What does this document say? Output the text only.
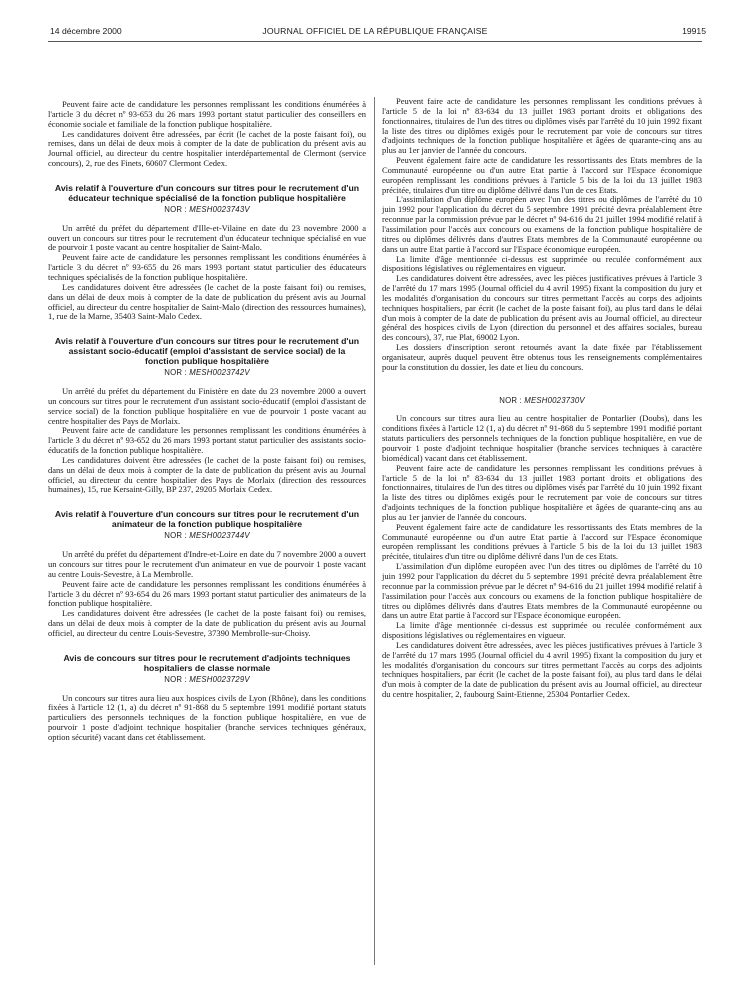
14 décembre 2000	JOURNAL OFFICIEL DE LA RÉPUBLIQUE FRANÇAISE	19915

Peuvent faire acte de candidature les personnes remplissant les conditions énumérées à l'article 3 du décret nº 93-653 du 26 mars 1993 portant statut particulier des conseillers en économie sociale et familiale de la fonction publique hospitalière.

Les candidatures doivent être adressées, par écrit (le cachet de la poste faisant foi), ou remises, dans un délai de deux mois à compter de la date de publication du présent avis au Journal officiel, au directeur du centre hospitalier interdépartemental de Clermont (service concours), 2, rue des Finets, 60607 Clermont Cedex.

Avis relatif à l'ouverture d'un concours sur titres pour le recrutement d'un éducateur technique spécialisé de la fonction publique hospitalière
NOR : MESH0023743V

Un arrêté du préfet du département d'Ille-et-Vilaine en date du 23 novembre 2000 a ouvert un concours sur titres pour le recrutement d'un éducateur technique spécialisé en vue de pourvoir 1 poste vacant au centre hospitalier de Saint-Malo.

Peuvent faire acte de candidature les personnes remplissant les conditions énumérées à l'article 3 du décret nº 93-655 du 26 mars 1993 portant statut particulier des éducateurs techniques spécialisés de la fonction publique hospitalière.

Les candidatures doivent être adressées (le cachet de la poste faisant foi) ou remises, dans un délai de deux mois à compter de la date de publication du présent avis au Journal officiel, au directeur du centre hospitalier de Saint-Malo (direction des ressources humaines), 1, rue de la Marne, 35403 Saint-Malo Cedex.

Avis relatif à l'ouverture d'un concours sur titres pour le recrutement d'un assistant socio-éducatif (emploi d'assistant de service social) de la fonction publique hospitalière
NOR : MESH0023742V

Un arrêté du préfet du département du Finistère en date du 23 novembre 2000 a ouvert un concours sur titres pour le recrutement d'un assistant socio-éducatif (emploi d'assistant de service social) de la fonction publique hospitalière en vue de pourvoir 1 poste vacant au centre hospitalier des Pays de Morlaix.

Peuvent faire acte de candidature les personnes remplissant les conditions énumérées à l'article 3 du décret nº 93-652 du 26 mars 1993 portant statut particulier des assistants socio-éducatifs de la fonction publique hospitalière.

Les candidatures doivent être adressées (le cachet de la poste faisant foi) ou remises, dans un délai de deux mois à compter de la date de publication du présent avis au Journal officiel, au directeur du centre hospitalier des Pays de Morlaix (direction des ressources humaines), 15, rue Kersaint-Gilly, BP 237, 29205 Morlaix Cedex.

Avis relatif à l'ouverture d'un concours sur titres pour le recrutement d'un animateur de la fonction publique hospitalière
NOR : MESH0023744V

Un arrêté du préfet du département d'Indre-et-Loire en date du 7 novembre 2000 a ouvert un concours sur titres pour le recrutement d'un animateur en vue de pourvoir 1 poste vacant au centre Louis-Sevestre, à La Membrolle.

Peuvent faire acte de candidature les personnes remplissant les conditions énumérées à l'article 3 du décret nº 93-654 du 26 mars 1993 portant statut particulier des animateurs de la fonction publique hospitalière.

Les candidatures doivent être adressées (le cachet de la poste faisant foi) ou remises, dans un délai de deux mois à compter de la date de publication du présent avis au Journal officiel, au directeur du centre Louis-Sevestre, 37390 Membrolle-sur-Choisy.

Avis de concours sur titres pour le recrutement d'adjoints techniques hospitaliers de classe normale
NOR : MESH0023729V

Un concours sur titres aura lieu aux hospices civils de Lyon (Rhône), dans les conditions fixées à l'article 12 (1, a) du décret nº 91-868 du 5 septembre 1991 modifié portant statuts particuliers des personnels techniques de la fonction publique hospitalière, en vue de pourvoir 1 poste d'adjoint technique hospitalier (branche services techniques généraux, option sécurité) vacant dans cet établissement.

Peuvent faire acte de candidature les personnes remplissant les conditions prévues à l'article 5 de la loi nº 83-634 du 13 juillet 1983 portant droits et obligations des fonctionnaires, titulaires de l'un des titres ou diplômes visés par l'arrêté du 10 juin 1992 fixant la liste des titres ou diplômes exigés pour le recrutement par voie de concours sur titres d'adjoints techniques de la fonction publique hospitalière et âgées de quarante-cinq ans au plus au 1er janvier de l'année du concours.

Peuvent également faire acte de candidature les ressortissants des Etats membres de la Communauté européenne ou d'un autre Etat partie à l'accord sur l'Espace économique européen remplissant les conditions prévues à l'article 5 bis de la loi du 13 juillet 1983 précitée, titulaires d'un titre ou diplôme délivré dans l'un de ces Etats.

L'assimilation d'un diplôme européen avec l'un des titres ou diplômes de l'arrêté du 10 juin 1992 pour l'application du décret du 5 septembre 1991 précité devra préalablement être reconnue par la commission prévue par le décret nº 94-616 du 21 juillet 1994 modifié relatif à l'assimilation pour l'accès aux concours ou examens de la fonction publique hospitalière de titres ou diplômes délivrés dans d'autres Etats membres de la Communauté européenne ou dans un autre Etat partie à l'accord sur l'Espace économique européen.

La limite d'âge mentionnée ci-dessus est supprimée ou reculée conformément aux dispositions législatives ou réglementaires en vigueur.

Les candidatures doivent être adressées, avec les pièces justificatives prévues à l'article 3 de l'arrêté du 17 mars 1995 (Journal officiel du 4 avril 1995) fixant la composition du jury et les modalités d'organisation du concours sur titres permettant l'accès au corps des adjoints techniques hospitaliers, par écrit (le cachet de la poste faisant foi), au plus tard dans le délai d'un mois à compter de la date de publication du présent avis au Journal officiel, au directeur général des hospices civils de Lyon (direction du personnel et des affaires sociales, bureau des concours), 37, rue Plat, 69002 Lyon.

Les dossiers d'inscription seront retournés avant la date fixée par l'établissement organisateur, auprès duquel peuvent être obtenus tous les renseignements complémentaires pour la constitution du dossier, les date et lieu du concours.

NOR : MESH0023730V

Un concours sur titres aura lieu au centre hospitalier de Pontarlier (Doubs), dans les conditions fixées à l'article 12 (1, a) du décret nº 91-868 du 5 septembre 1991 modifié portant statuts particuliers des personnels techniques de la fonction publique hospitalière, en vue de pourvoir 1 poste d'adjoint technique hospitalier (branche services techniques à caractère biomédical) vacant dans cet établissement.

Peuvent faire acte de candidature les personnes remplissant les conditions prévues à l'article 5 de la loi nº 83-634 du 13 juillet 1983 portant droits et obligations des fonctionnaires, titulaires de l'un des titres ou diplômes visés par l'arrêté du 10 juin 1992 fixant la liste des titres ou diplômes exigés pour le recrutement par voie de concours sur titres d'adjoints techniques de la fonction publique hospitalière et âgées de quarante-cinq ans au plus au 1er janvier de l'année du concours.

Peuvent également faire acte de candidature les ressortissants des Etats membres de la Communauté européenne ou d'un autre Etat partie à l'accord sur l'Espace économique européen remplissant les conditions prévues à l'article 5 bis de la loi du 13 juillet 1983 précitée, titulaires d'un titre ou diplôme délivré dans l'un de ces Etats.

L'assimilation d'un diplôme européen avec l'un des titres ou diplômes de l'arrêté du 10 juin 1992 pour l'application du décret du 5 septembre 1991 précité devra préalablement être reconnue par la commission prévue par le décret nº 94-616 du 21 juillet 1994 modifié relatif à l'assimilation pour l'accès aux concours ou examens de la fonction publique hospitalière de titres ou diplômes délivrés dans d'autres Etats membres de la Communauté européenne ou dans un autre Etat partie à l'accord sur l'Espace économique européen.

La limite d'âge mentionnée ci-dessus est supprimée ou reculée conformément aux dispositions législatives ou réglementaires en vigueur.

Les candidatures doivent être adressées, avec les pièces justificatives prévues à l'article 3 de l'arrêté du 17 mars 1995 (Journal officiel du 4 avril 1995) fixant la composition du jury et les modalités d'organisation du concours sur titres permettant l'accès au corps des adjoints techniques hospitaliers, par écrit (le cachet de la poste faisant foi), au plus tard dans le délai d'un mois à compter de la date de publication du présent avis au Journal officiel, au directeur du centre hospitalier, 2, faubourg Saint-Etienne, 25304 Pontarlier Cedex.
